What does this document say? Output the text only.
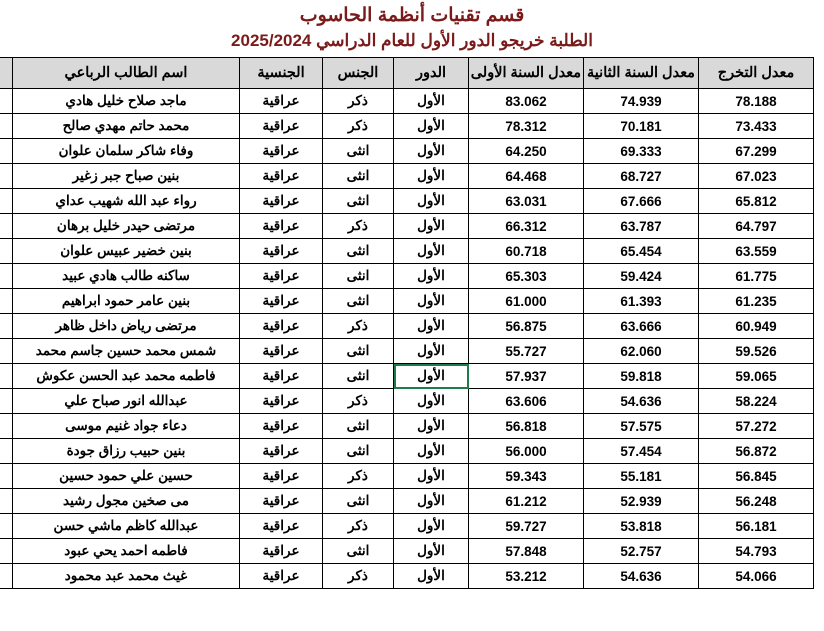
قسم تقنيات أنظمة الحاسوب
الطلبة خريجو الدور الأول للعام الدراسي 2025/2024
معدل التخرج	معدل السنة الثانية	معدل السنة الأولى	الدور	الجنس	الجنسية	اسم الطالب الرباعي	
78.188	74.939	83.062	الأول	ذكر	عراقية	ماجد صلاح خليل هادي	
73.433	70.181	78.312	الأول	ذكر	عراقية	محمد حاتم مهدي صالح	
67.299	69.333	64.250	الأول	انثى	عراقية	وفاء شاكر سلمان علوان	
67.023	68.727	64.468	الأول	انثى	عراقية	بنين صباح جبر زغير	
65.812	67.666	63.031	الأول	انثى	عراقية	رواء عبد الله شهيب عداي	
64.797	63.787	66.312	الأول	ذكر	عراقية	مرتضى حيدر خليل برهان	
63.559	65.454	60.718	الأول	انثى	عراقية	بنين خضير عبيس علوان	
61.775	59.424	65.303	الأول	انثى	عراقية	ساكنه طالب هادي عبيد	
61.235	61.393	61.000	الأول	انثى	عراقية	بنين عامر حمود ابراهيم	
60.949	63.666	56.875	الأول	ذكر	عراقية	مرتضى رياض داخل ظاهر	
59.526	62.060	55.727	الأول	انثى	عراقية	شمس محمد حسين جاسم محمد	
59.065	59.818	57.937	الأول	انثى	عراقية	فاطمه محمد عبد الحسن عكوش	
58.224	54.636	63.606	الأول	ذكر	عراقية	عبدالله انور صباح علي	
57.272	57.575	56.818	الأول	انثى	عراقية	دعاء جواد غنيم موسى	
56.872	57.454	56.000	الأول	انثى	عراقية	بنين حبيب رزاق جودة	
56.845	55.181	59.343	الأول	ذكر	عراقية	حسين علي حمود حسين	
56.248	52.939	61.212	الأول	انثى	عراقية	مى صخين مجول رشيد	
56.181	53.818	59.727	الأول	ذكر	عراقية	عبدالله كاظم ماشي حسن	
54.793	52.757	57.848	الأول	انثى	عراقية	فاطمه احمد يحي عبود	
54.066	54.636	53.212	الأول	ذكر	عراقية	غيث محمد عبد محمود	
